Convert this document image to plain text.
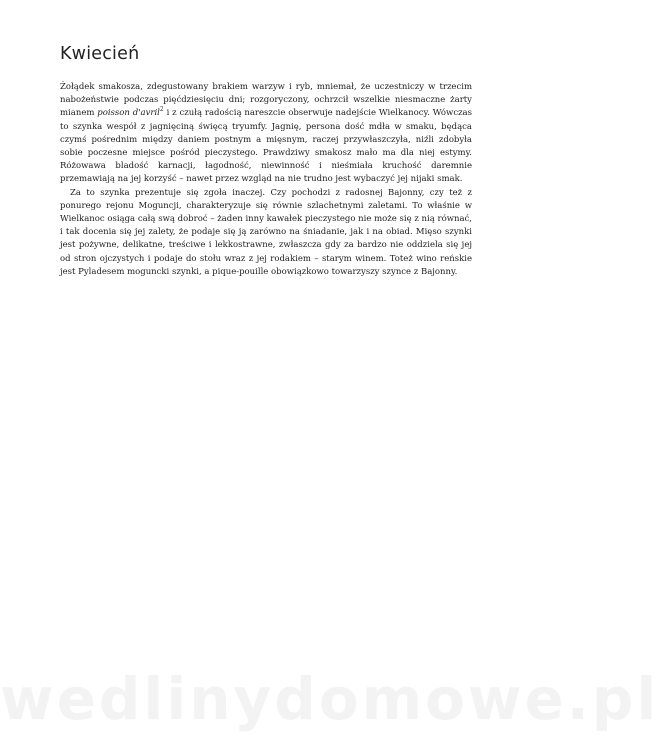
Kwiecień

Żołądek smakosza, zdegustowany brakiem warzyw i ryb, mniemał, że uczestniczy w trzecim nabożeństwie podczas pięćdziesięciu dni; rozgoryczony, ochrzcił wszelkie niesmaczne żarty mianem poisson d'avril$^2$ i z czułą radością nareszcie obserwuje nadejście Wielkanocy. Wówczas to szynka wespół z jagnięciną święcą tryumfy. Jagnię, persona dość mdła w smaku, będąca czymś pośrednim między daniem postnym a mięsnym, raczej przywłaszczyła, niźli zdobyła sobie poczesne miejsce pośród pieczystego. Prawdziwy smakosz mało ma dla niej estymy. Różowawa bladość karnacji, łagodność, niewinność i nieśmiała kruchość daremnie przemawiają na jej korzyść – nawet przez wzgląd na nie trudno jest wybaczyć jej nijaki smak.

Za to szynka prezentuje się zgoła inaczej. Czy pochodzi z radosnej Bajonny, czy też z ponurego rejonu Moguncji, charakteryzuje się równie szlachetnymi zaletami. To właśnie w Wielkanoc osiąga całą swą dobroć – żaden inny kawałek pieczystego nie może się z nią równać, i tak docenia się jej zalety, że podaje się ją zarówno na śniadanie, jak i na obiad. Mięso szynki jest pożywne, delikatne, treściwe i lekkostrawne, zwłaszcza gdy za bardzo nie oddziela się jej od stron ojczystych i podaje do stołu wraz z jej rodakiem – starym winem. Toteż wino reńskie jest Pyladesem moguncki szynki, a pique-pouille obowiązkowo towarzyszy szynce z Bajonny.

wedlinydomowe.pl
